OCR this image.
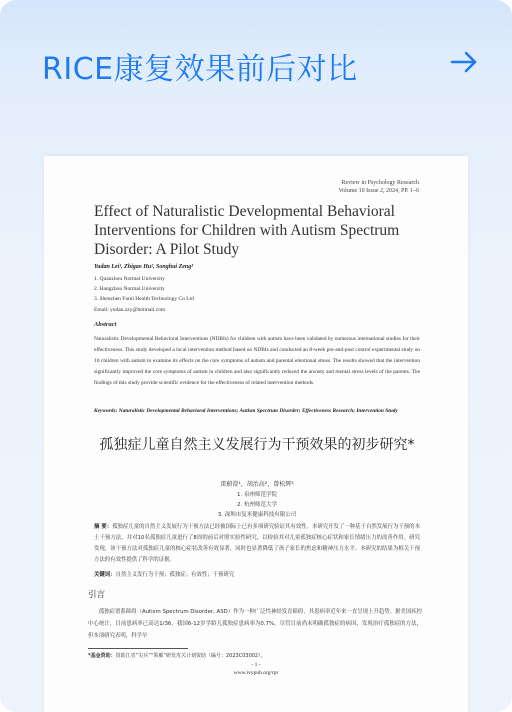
RICE康复效果前后对比
Review in Psychology Research
Volume 10 Issue 2, 2024, PP. 1–6
Effect of Naturalistic Developmental Behavioral Interventions for Children with Autism Spectrum Disorder: A Pilot Study
Yudan Lei¹, Zhigao Hu², Songhui Zeng³
1. Quanzhou Normal University
2. Hangzhou Normal University
3. Shenzhen Fumi Health Technology Co Ltd
Email: yudan.zzy@hotmail.com
Abstract
Naturalistic Developmental Behavioral Interventions (NDBIs) for children with autism have been validated by numerous international studies for their effectiveness. This study developed a local intervention method based on NDBIs and conducted an 8-week pre-and-post control experimental study on 10 children with autism to examine its effects on the core symptoms of autism and parental emotional stress. The results showed that the intervention significantly improved the core symptoms of autism in children and also significantly reduced the anxiety and mental stress levels of the parents. The findings of this study provide scientific evidence for the effectiveness of related intervention methods.
Keywords: Naturalistic Developmental Behavioral Interventions; Autism Spectrum Disorder; Effectiveness Research; Intervention Study
孤独症儿童自然主义发展行为干预效果的初步研究*
雷蔚澄¹，胡治高²，曾松辉³
1. 泉州师范学院
2. 杭州师范大学
3. 深圳市复米健康科技有限公司
摘 要：孤独症儿童的自然主义发展行为干预方法已经被国际上已有多项研究验证其有效性。本研究开发了一种基于自然发展行为干预的本土干预方法，并对10名孤独症儿童进行了8周的前后对照实验性研究，以检验其对儿童孤独症核心症状和家长情绪压力的改善作用。研究发现，该干预方法对孤独症儿童的核心症状改善有效显著，同时也显著降低了孩子家长的焦虑和精神压力水平。本研究的结果为相关干预方法的有效性提供了科学的证据。
关键词：自然主义发行为干预；孤独症；有效性；干预研究
引言
孤独症谱系障碍（Autism Spectrum Disorder, ASD）作为一种广泛性神经发育障碍，其患病率近年来一直呈现上升趋势。据美国疾控中心统计，目前患病率已高达1/36，我国6-12岁学龄儿孤独症患病率为0.7%，尽管目前尚未明确孤独症的病因，发现治疗孤独症的方法，但本项研究表明，科学早
*基金资助：资助江省“尖兵”“领雁”研发攻关计划资助（编号：2023C03002）。
- 1 -
www.ivypub.org/rpr
